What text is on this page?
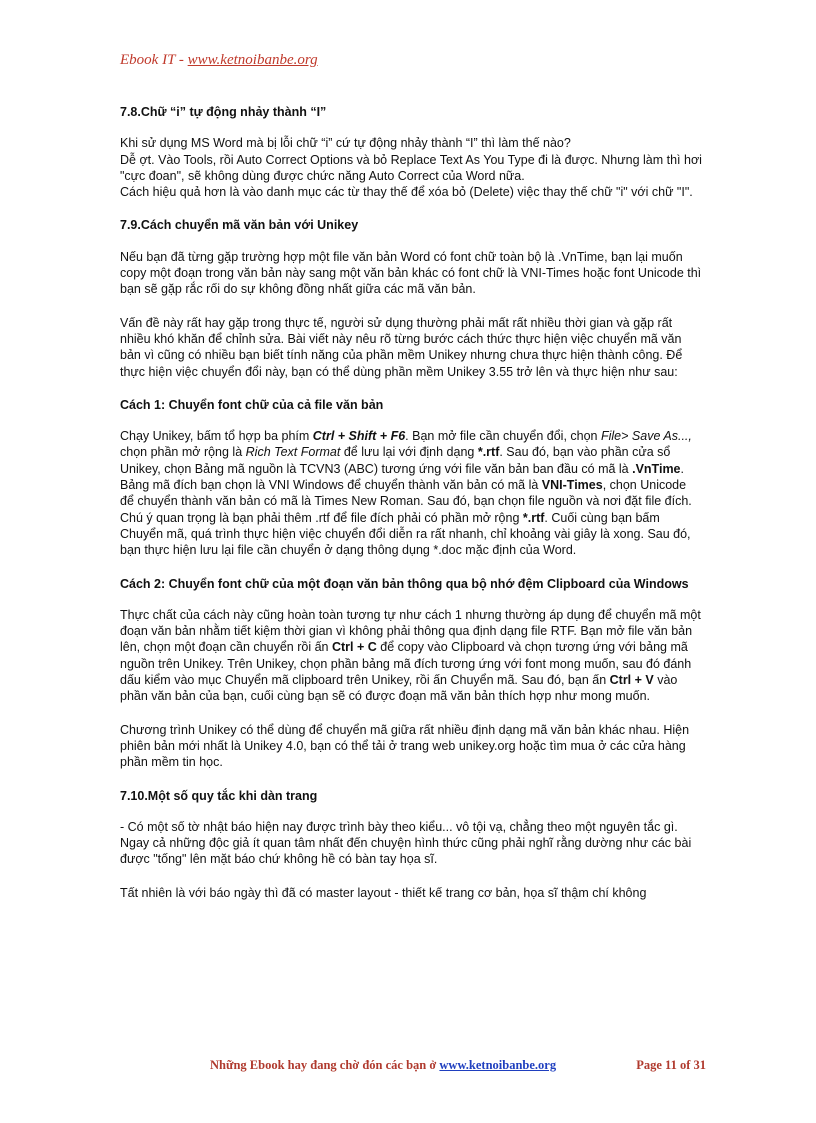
Ebook IT - www.ketnoibanbe.org

7.8.Chữ “i” tự động nhảy thành “I”

Khi sử dụng MS Word mà bị lỗi chữ “i” cứ tự động nhảy thành “I” thì làm thế nào?

Dễ ợt. Vào Tools, rồi Auto Correct Options và bỏ Replace Text As You Type đi là được. Nhưng làm thì hơi "cực đoan", sẽ không dùng được chức năng Auto Correct của Word nữa.

Cách hiệu quả hơn là vào danh mục các từ thay thế để xóa bỏ (Delete) việc thay thế chữ "i" với chữ "I".

7.9.Cách chuyển mã văn bản với Unikey

Nếu bạn đã từng gặp trường hợp một file văn bản Word có font chữ toàn bộ là .VnTime, bạn lại muốn copy một đoạn trong văn bản này sang một văn bản khác có font chữ là VNI-Times hoặc font Unicode thì bạn sẽ gặp rắc rối do sự không đồng nhất giữa các mã văn bản.

Vấn đề này rất hay gặp trong thực tế, người sử dụng thường phải mất rất nhiều thời gian và gặp rất nhiều khó khăn để chỉnh sửa. Bài viết này nêu rõ từng bước cách thức thực hiện việc chuyển mã văn bản vì cũng có nhiều bạn biết tính năng của phần mềm Unikey nhưng chưa thực hiện thành công. Để thực hiện việc chuyển đổi này, bạn có thể dùng phần mềm Unikey 3.55 trở lên và thực hiện như sau:

Cách 1: Chuyển font chữ của cả file văn bản

Chạy Unikey, bấm tổ hợp ba phím Ctrl + Shift + F6. Bạn mở file cần chuyển đổi, chọn File> Save As..., chọn phần mở rộng là Rich Text Format để lưu lại với định dạng *.rtf. Sau đó, bạn vào phần cửa sổ Unikey, chọn Bảng mã nguồn là TCVN3 (ABC) tương ứng với file văn bản ban đầu có mã là .VnTime. Bảng mã đích bạn chọn là VNI Windows để chuyển thành văn bản có mã là VNI-Times, chọn Unicode để chuyển thành văn bản có mã là Times New Roman. Sau đó, bạn chọn file nguồn và nơi đặt file đích. Chú ý quan trọng là bạn phải thêm .rtf để file đích phải có phần mở rộng *.rtf. Cuối cùng bạn bấm Chuyển mã, quá trình thực hiện việc chuyển đổi diễn ra rất nhanh, chỉ khoảng vài giây là xong. Sau đó, bạn thực hiện lưu lại file cần chuyển ở dạng thông dụng *.doc mặc định của Word.

Cách 2: Chuyển font chữ của một đoạn văn bản thông qua bộ nhớ đệm Clipboard của Windows

Thực chất của cách này cũng hoàn toàn tương tự như cách 1 nhưng thường áp dụng để chuyển mã một đoạn văn bản nhằm tiết kiệm thời gian vì không phải thông qua định dạng file RTF. Bạn mở file văn bản lên, chọn một đoạn cần chuyển rồi ấn Ctrl + C để copy vào Clipboard và chọn tương ứng với bảng mã nguồn trên Unikey. Trên Unikey, chọn phần bảng mã đích tương ứng với font mong muốn, sau đó đánh dấu kiểm vào mục Chuyển mã clipboard trên Unikey, rồi ấn Chuyển mã. Sau đó, bạn ấn Ctrl + V vào phần văn bản của bạn, cuối cùng bạn sẽ có được đoạn mã văn bản thích hợp như mong muốn.

Chương trình Unikey có thể dùng để chuyển mã giữa rất nhiều định dạng mã văn bản khác nhau. Hiện phiên bản mới nhất là Unikey 4.0, bạn có thể tải ở trang web unikey.org hoặc tìm mua ở các cửa hàng phần mềm tin học.

7.10.Một số quy tắc khi dàn trang

- Có một số tờ nhật báo hiện nay được trình bày theo kiểu... vô tội vạ, chẳng theo một nguyên tắc gì. Ngay cả những độc giả ít quan tâm nhất đến chuyện hình thức cũng phải nghĩ rằng dường như các bài được "tống" lên mặt báo chứ không hề có bàn tay họa sĩ.

Tất nhiên là với báo ngày thì đã có master layout - thiết kế trang cơ bản, họa sĩ thậm chí không

Những Ebook hay đang chờ đón các bạn ở www.ketnoibanbe.org	Page 11 of 31
